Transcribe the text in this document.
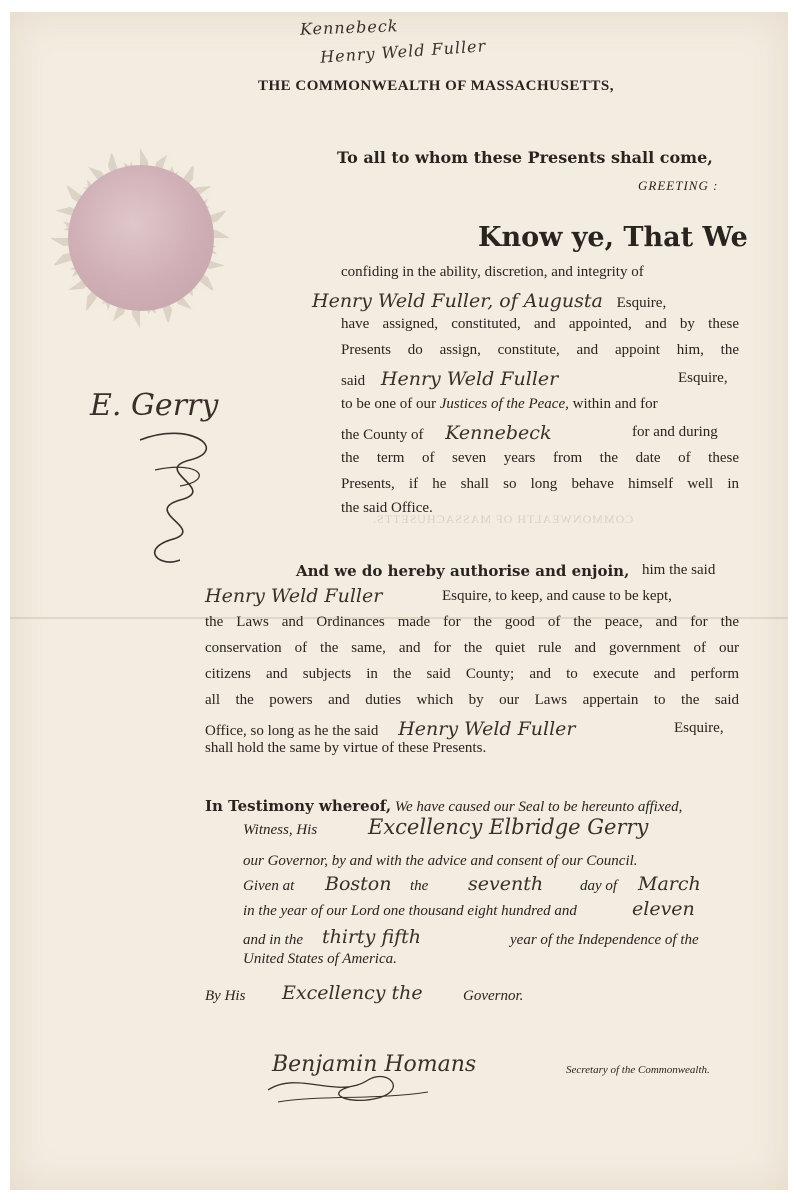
Kennebeck
Henry Weld Fuller
COMMONWEALTH OF MASSACHUSETTS.
THE COMMONWEALTH OF MASSACHUSETTS,
To all to whom these Presents shall come,
GREETING :
Know ye, That We
E. Gerry
confiding in the ability, discretion, and integrity of
Henry Weld Fuller, of Augusta Esquire,
have assigned, constituted, and appointed, and by these
Presents do assign, constitute, and appoint him, the
said Henry Weld Fuller	Esquire,
to be one of our Justices of the Peace, within and for
the County of Kennebeck	for and during
the term of seven years from the date of these
Presents, if he shall so long behave himself well in
the said Office.
And we do hereby authorise and enjoin, him the said
Henry Weld Fuller	Esquire, to keep, and cause to be kept,
the Laws and Ordinances made for the good of the peace, and for the
conservation of the same, and for the quiet rule and government of our
citizens and subjects in the said County; and to execute and perform
all the powers and duties which by our Laws appertain to the said
Office, so long as he the said Henry Weld Fuller	Esquire,
shall hold the same by virtue of these Presents.
In Testimony whereof, We have caused our Seal to be hereunto affixed,
Witness, His Excellency Elbridge Gerry
our Governor, by and with the advice and consent of our Council.
Given at Boston the seventh day of March
in the year of our Lord one thousand eight hundred and	eleven
and in the thirty fifth	year of the Independence of the
United States of America.
By His Excellency the	Governor.
Benjamin Homans	Secretary of the Commonwealth.
